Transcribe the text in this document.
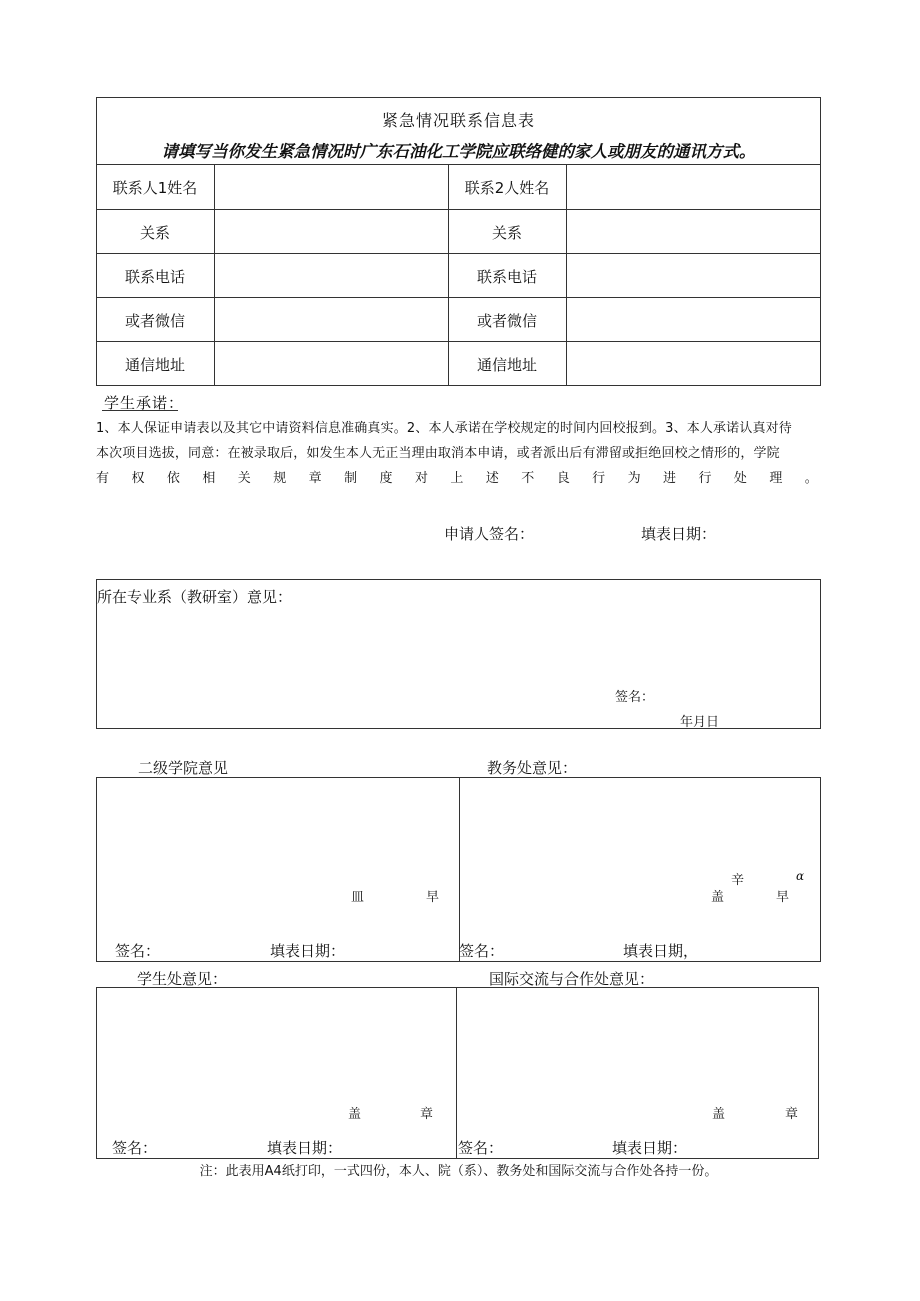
紧急情况联系信息表
请填写当你发生紧急情况时广东石油化工学院应联络健的家人或朋友的通讯方式。
联系人1姓名	联系2人姓名
关系	关系
联系电话	联系电话
或者微信	或者微信
通信地址	通信地址
学生承诺：
1、本人保证申请表以及其它中请资料信息准确真实。2、本人承诺在学校规定的时间内回校报到。3、本人承诺认真对待
本次项目选拔，同意：在被录取后，如发生本人无正当理由取消本申请，或者派出后有滞留或拒绝回校之情形的，学院
有 权 依 相 关 规 章 制 度 对 上 述 不 良 行 为 进 行 处 理 。
申请人签名：	填表日期：
所在专业系（教研室）意见：
签名：
年月日
二级学院意见	教务处意见：
皿	早
签名：	填表日期：
辛	ɑ
盖	早
签名：	填表日期，
学生处意见：	国际交流与合作处意见：
盖	章
签名：	填表日期：
盖	章
签名：	填表日期：
注：此表用A4纸打印，一式四份，本人、院（系）、教务处和国际交流与合作处各持一份。
